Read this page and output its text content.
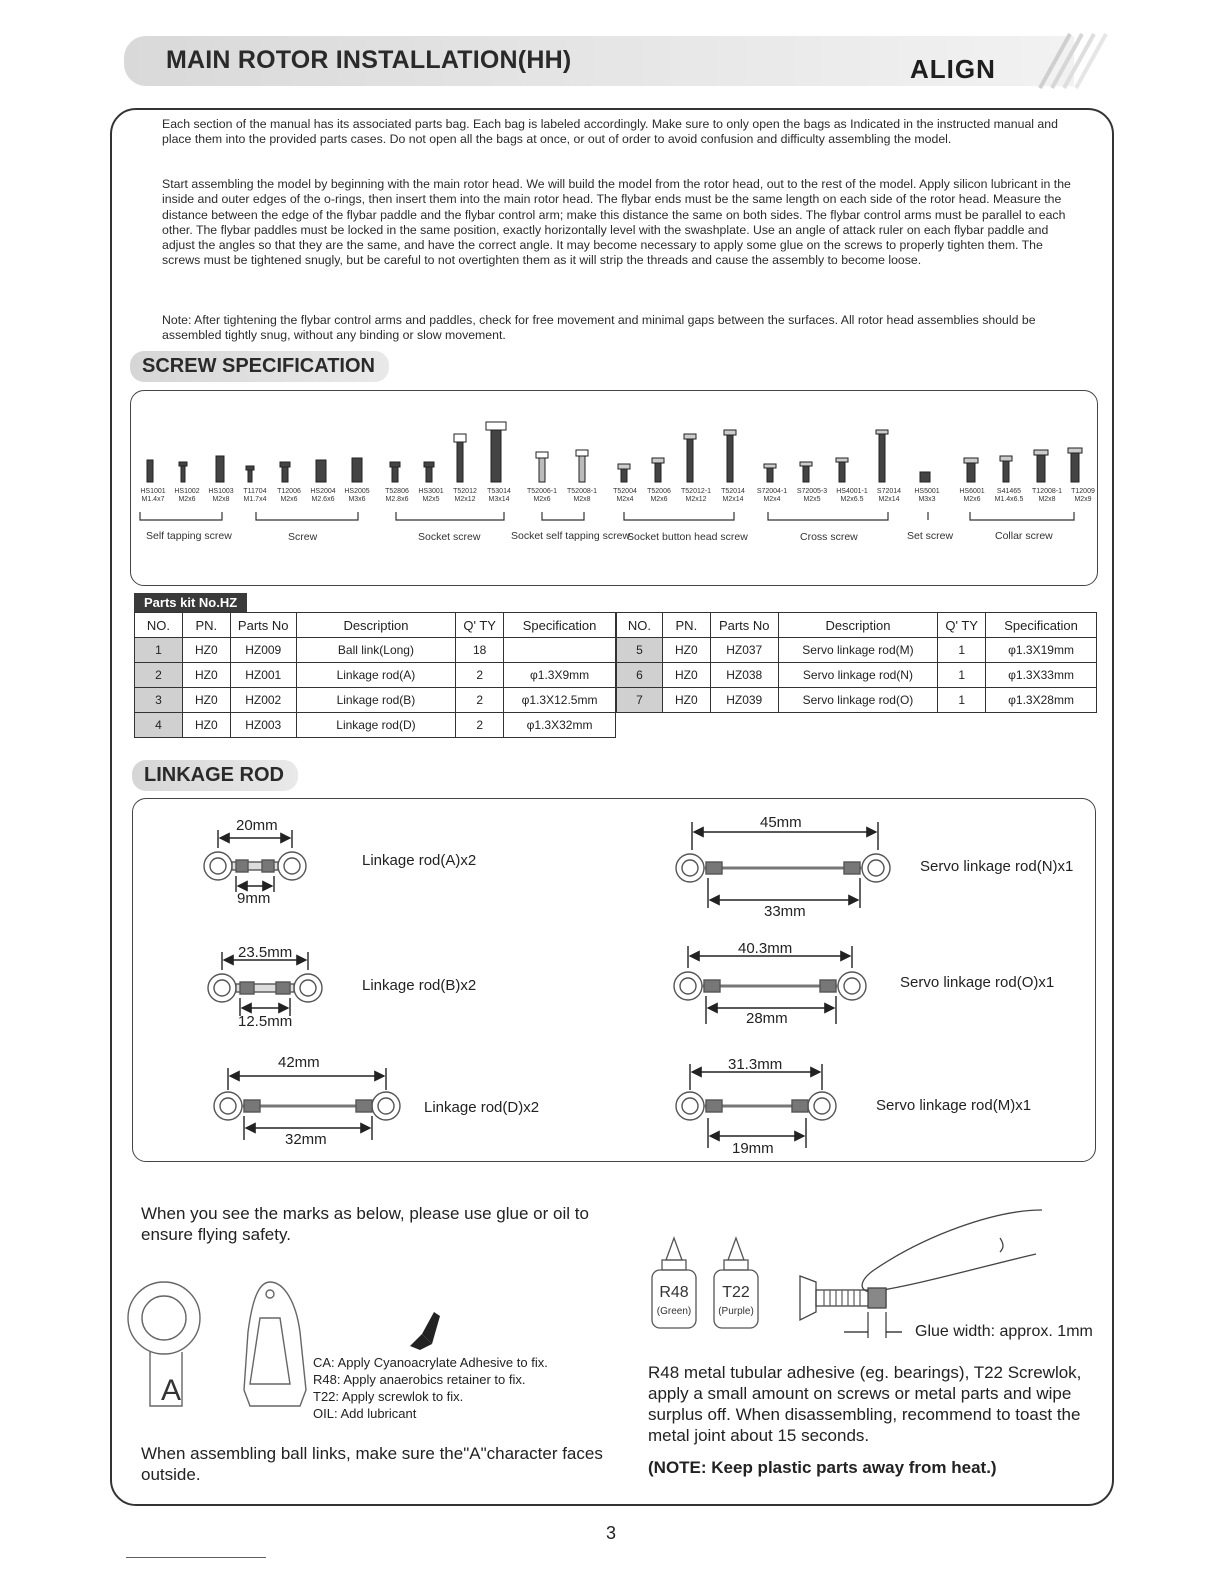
MAIN ROTOR INSTALLATION(HH)	ALIGN
Each section of the manual has its associated parts bag. Each bag is labeled accordingly. Make sure to only open the bags as Indicated in the instructed manual and place them into the provided parts cases. Do not open all the bags at once, or out of order to avoid confusion and difficulty assembling the model.
Start assembling the model by beginning with the main rotor head. We will build the model from the rotor head, out to the rest of the model. Apply silicon lubricant in the inside and outer edges of the o-rings, then insert them into the main rotor head. The flybar ends must be the same length on each side of the rotor head. Measure the distance between the edge of the flybar paddle and the flybar control arm; make this distance the same on both sides. The flybar control arms must be parallel to each other. The flybar paddles must be locked in the same position, exactly horizontally level with the swashplate. Use an angle of attack ruler on each flybar paddle and adjust the angles so that they are the same, and have the correct angle. It may become necessary to apply some glue on the screws to properly tighten them. The screws must be tightened snugly, but be careful to not overtighten them as it will strip the threads and cause the assembly to become loose.
Note: After tightening the flybar control arms and paddles, check for free movement and minimal gaps between the surfaces. All rotor head assemblies should be assembled tightly snug, without any binding or slow movement.
SCREW SPECIFICATION
HS1001
M1.4x7
HS1002
M2x6
HS1003
M2x8
T11704
M1.7x4
T12006
M2x6
HS2004
M2.6x6
HS2005
M3x6
T52806
M2.8x6
HS3001
M2x5
T52012
M2x12
T53014
M3x14
T52006-1
M2x6
T52008-1
M2x8
T52004
M2x4
T52006
M2x6
T52012-1
M2x12
T52014
M2x14
S72004-1
M2x4
S72005-3
M2x5
HS4001-1
M2x6.5
S72014
M2x14
HS5001
M3x3
HS6001
M2x6
S41465
M1.4x6.5
T12008-1
M2x8
T12009
M2x9
Self tapping screw	Screw	Socket screw	Socket self tapping screw
Socket button head screw	Cross screw	Set screw	Collar screw
Parts kit No.HZ
NO.	PN.	Parts No	Description	Q' TY	Specification
1	HZ0	HZ009	Ball link(Long)	18	
2	HZ0	HZ001	Linkage rod(A)	2	φ1.3X9mm
3	HZ0	HZ002	Linkage rod(B)	2	φ1.3X12.5mm
4	HZ0	HZ003	Linkage rod(D)	2	φ1.3X32mm
NO.	PN.	Parts No	Description	Q' TY	Specification
5	HZ0	HZ037	Servo linkage rod(M)	1	φ1.3X19mm
6	HZ0	HZ038	Servo linkage rod(N)	1	φ1.3X33mm
7	HZ0	HZ039	Servo linkage rod(O)	1	φ1.3X28mm
LINKAGE ROD
20mm
9mm
Linkage rod(A)x2
23.5mm
12.5mm
Linkage rod(B)x2
42mm
32mm
Linkage rod(D)x2
45mm
33mm
Servo linkage rod(N)x1
40.3mm
28mm
Servo linkage rod(O)x1
31.3mm
19mm
Servo linkage rod(M)x1
When you see the marks as below, please use glue or oil to ensure flying safety.
A
CA: Apply Cyanoacrylate Adhesive to fix.
R48: Apply anaerobics retainer to fix.
T22: Apply screwlok to fix.
OIL: Add lubricant
When assembling ball links, make sure the"A"character faces outside.
R48
(Green)
T22
(Purple)
Glue width: approx. 1mm
R48 metal tubular adhesive (eg. bearings), T22 Screwlok, apply a small amount on screws or metal parts and wipe surplus off. When disassembling, recommend to toast the metal joint about 15 seconds.
(NOTE: Keep plastic parts away from heat.)
3
